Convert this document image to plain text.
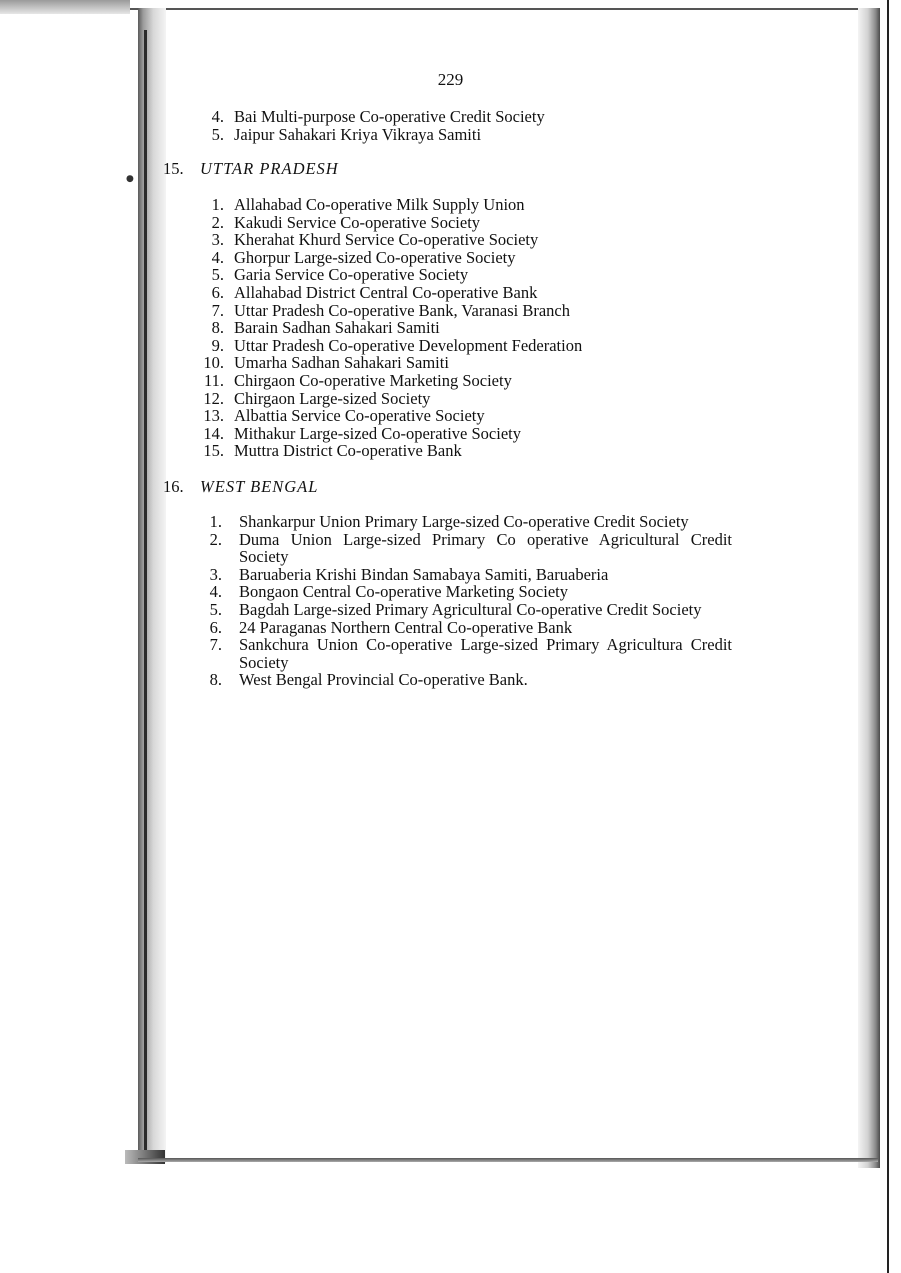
●
229
4. Bai Multi-purpose Co-operative Credit Society
5. Jaipur Sahakari Kriya Vikraya Samiti
15. UTTAR PRADESH
1. Allahabad Co-operative Milk Supply Union
2. Kakudi Service Co-operative Society
3. Kherahat Khurd Service Co-operative Society
4. Ghorpur Large-sized Co-operative Society
5. Garia Service Co-operative Society
6. Allahabad District Central Co-operative Bank
7. Uttar Pradesh Co-operative Bank, Varanasi Branch
8. Barain Sadhan Sahakari Samiti
9. Uttar Pradesh Co-operative Development Federation
10. Umarha Sadhan Sahakari Samiti
11. Chirgaon Co-operative Marketing Society
12. Chirgaon Large-sized Society
13. Albattia Service Co-operative Society
14. Mithakur Large-sized Co-operative Society
15. Muttra District Co-operative Bank
16. WEST BENGAL
1. Shankarpur Union Primary Large-sized Co-operative Credit Society
2. Duma Union Large-sized Primary Co operative Agricultural Credit Society
3. Baruaberia Krishi Bindan Samabaya Samiti, Baruaberia
4. Bongaon Central Co-operative Marketing Society
5. Bagdah Large-sized Primary Agricultural Co-operative Credit Society
6. 24 Paraganas Northern Central Co-operative Bank
7. Sankchura Union Co-operative Large-sized Primary Agricultura Credit Society
8. West Bengal Provincial Co-operative Bank.
